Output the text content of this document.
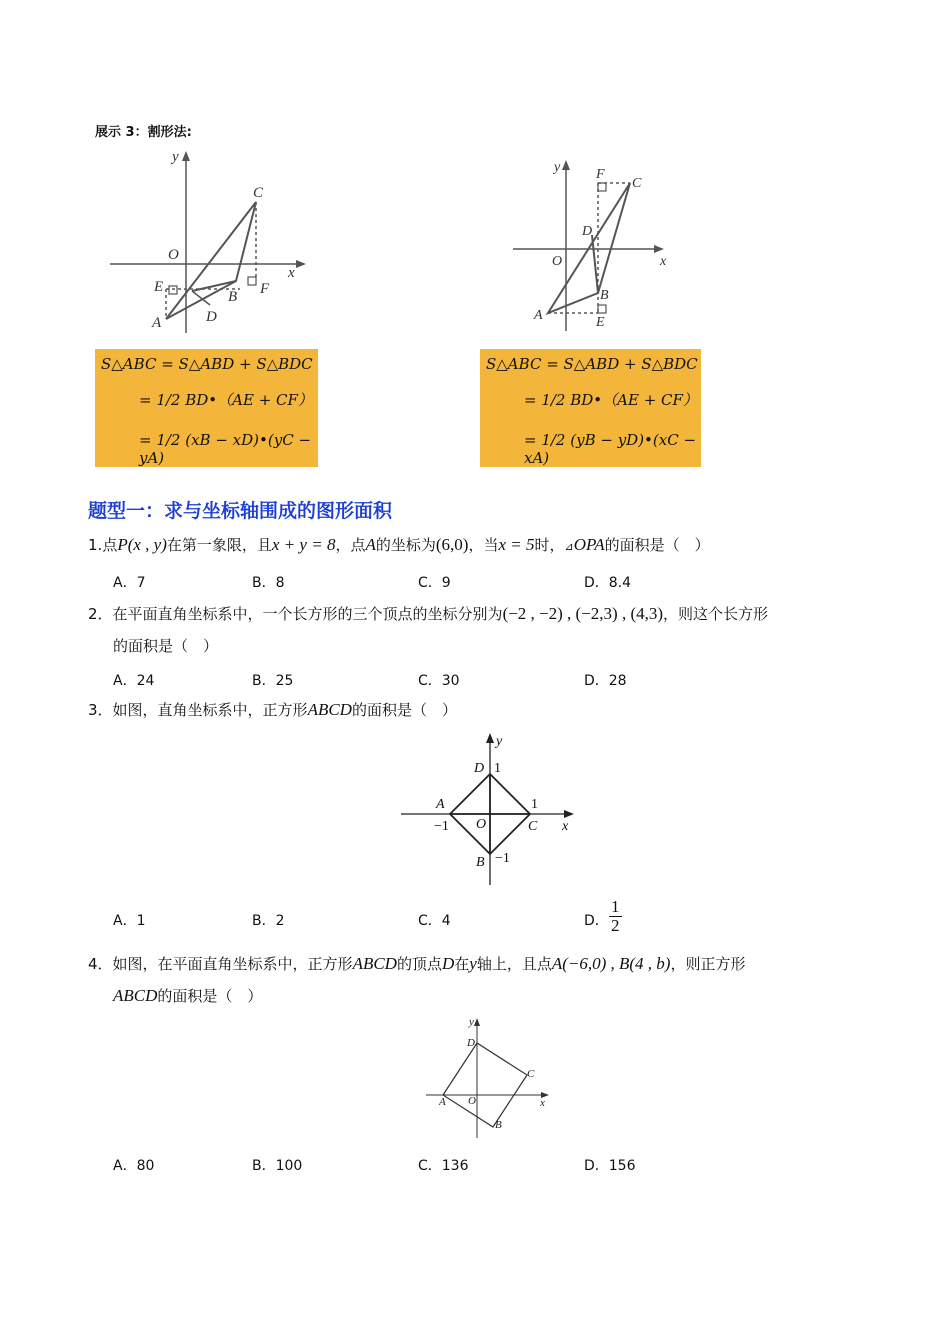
展示 3：割形法:
y
x
O
C
E
B F
A	D
S△ABC = S△ABD + S△BDC
= 1/2 BD•（AE + CF）
= 1/2 (xB − xD)•(yC − yA)
y
x
O
F
C
D
B
A	E
S△ABC = S△ABD + S△BDC
= 1/2 BD•（AE + CF）
= 1/2 (yB − yD)•(xC − xA)
题型一：求与坐标轴围成的图形面积
1.点P(x , y)在第一象限，且x + y = 8，点A的坐标为(6,0)，当x = 5时，⊿OPA的面积是（　）
A．7	B．8	C．9	D．8.4
2．在平面直角坐标系中，一个长方形的三个顶点的坐标分别为(−2 , −2) , (−2,3) , (4,3)，则这个长方形
的面积是（　）
A．24	B．25	C．30	D．28
3．如图，直角坐标系中，正方形ABCD的面积是（　）
y
x
D 1
A	1
−1 O	C
B −1
A．1	B．2	C．4	D．
1
2
4．如图，在平面直角坐标系中，正方形ABCD的顶点D在y轴上，且点A(−6,0) , B(4 , b)，则正方形
ABCD的面积是（　）
y
x
D
C
A O
B
A．80	B．100	C．136	D．156
